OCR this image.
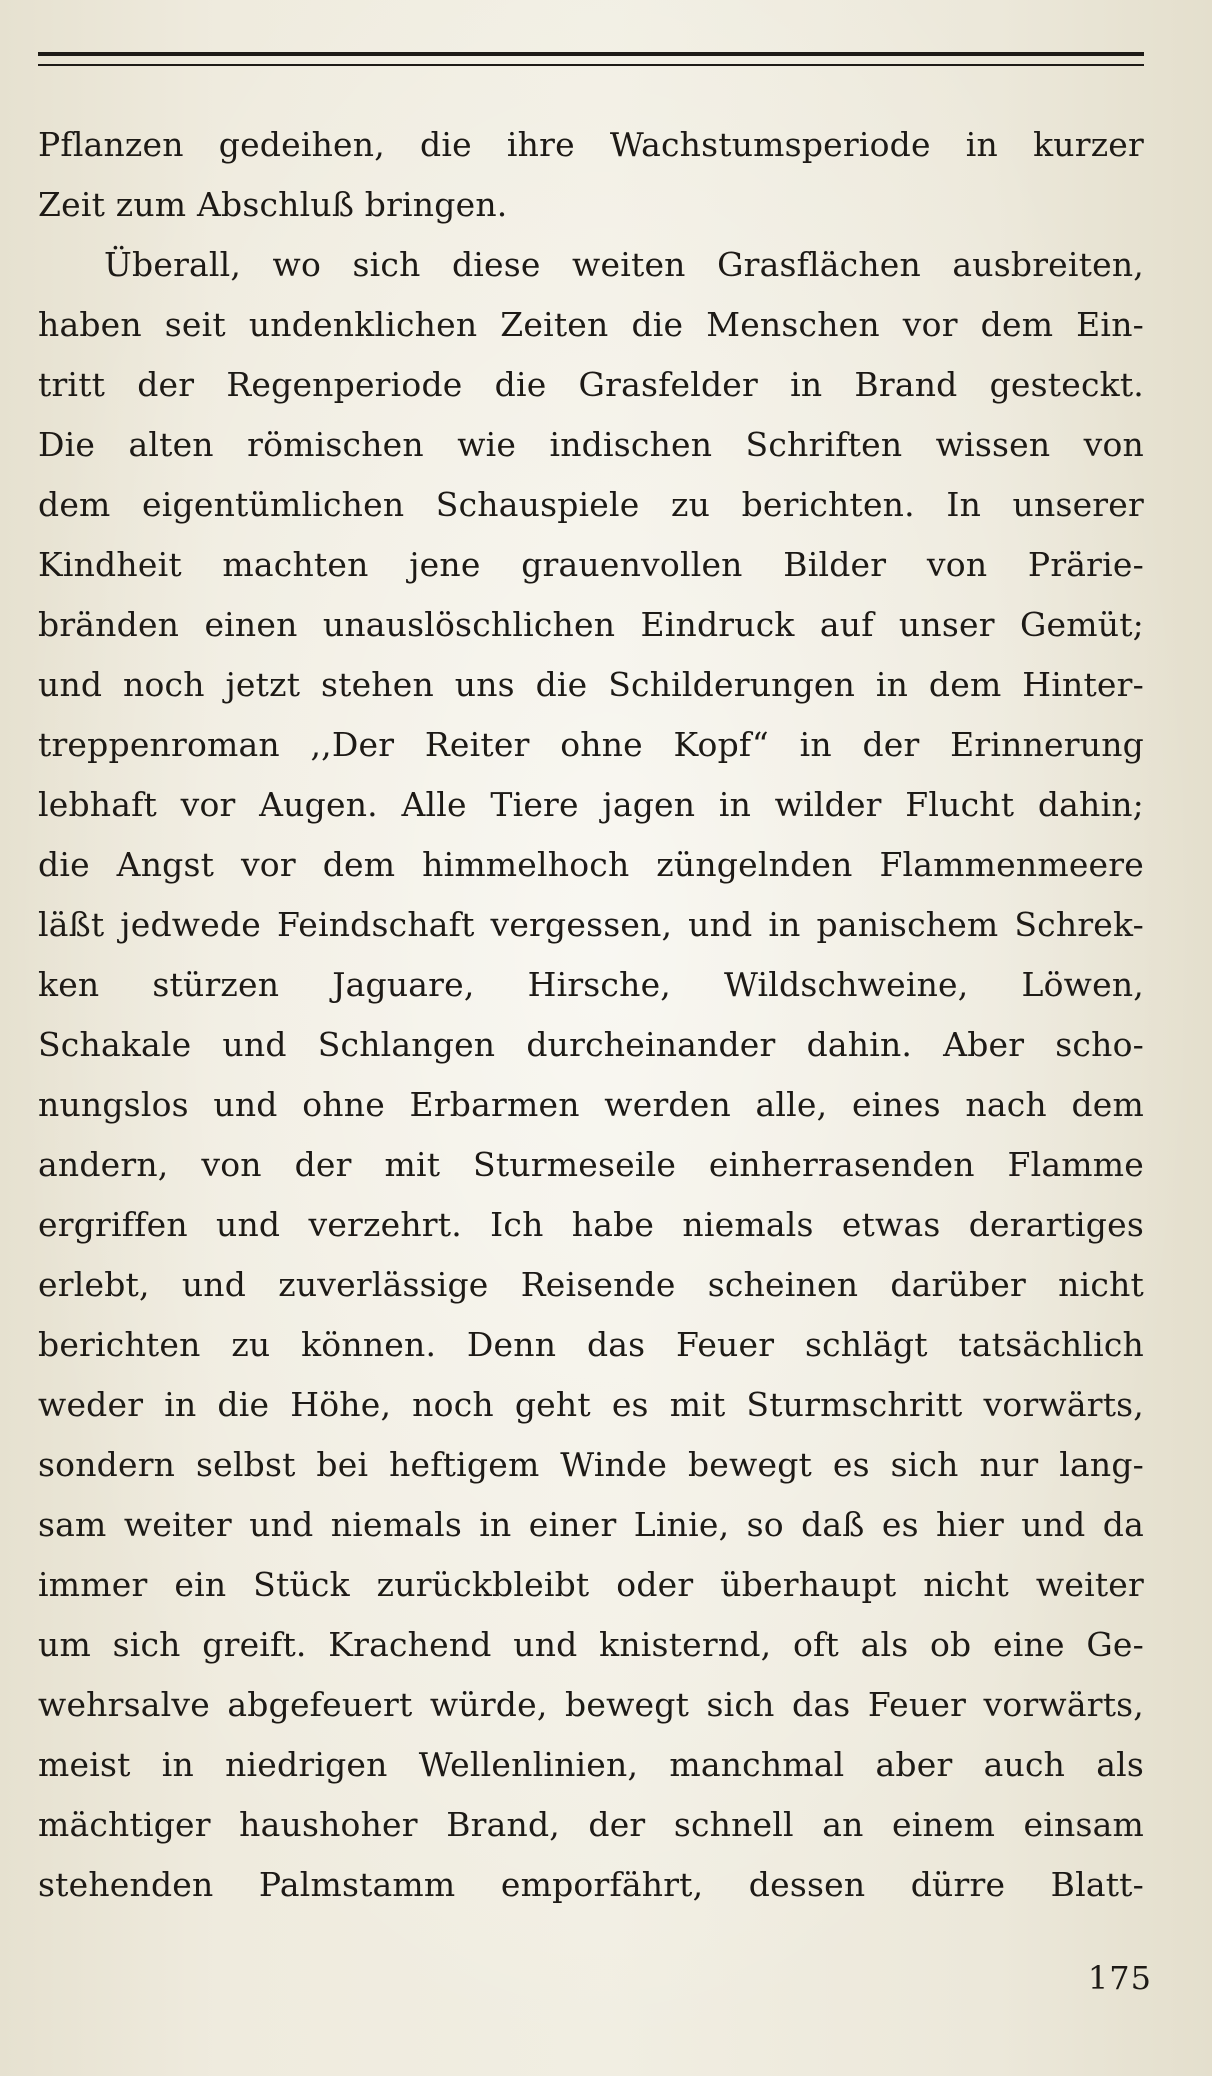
Pflanzen gedeihen, die ihre Wachstumsperiode in kurzer
Zeit zum Abschluß bringen.
Überall, wo sich diese weiten Grasflächen ausbreiten,
haben seit undenklichen Zeiten die Menschen vor dem Ein-
tritt der Regenperiode die Grasfelder in Brand gesteckt.
Die alten römischen wie indischen Schriften wissen von
dem eigentümlichen Schauspiele zu berichten. In unserer
Kindheit machten jene grauenvollen Bilder von Prärie-
bränden einen unauslöschlichen Eindruck auf unser Gemüt;
und noch jetzt stehen uns die Schilderungen in dem Hinter-
treppenroman ,,Der Reiter ohne Kopf“ in der Erinnerung
lebhaft vor Augen. Alle Tiere jagen in wilder Flucht dahin;
die Angst vor dem himmelhoch züngelnden Flammenmeere
läßt jedwede Feindschaft vergessen, und in panischem Schrek-
ken stürzen Jaguare, Hirsche, Wildschweine, Löwen,
Schakale und Schlangen durcheinander dahin. Aber scho-
nungslos und ohne Erbarmen werden alle, eines nach dem
andern, von der mit Sturmeseile einherrasenden Flamme
ergriffen und verzehrt. Ich habe niemals etwas derartiges
erlebt, und zuverlässige Reisende scheinen darüber nicht
berichten zu können. Denn das Feuer schlägt tatsächlich
weder in die Höhe, noch geht es mit Sturmschritt vorwärts,
sondern selbst bei heftigem Winde bewegt es sich nur lang-
sam weiter und niemals in einer Linie, so daß es hier und da
immer ein Stück zurückbleibt oder überhaupt nicht weiter
um sich greift. Krachend und knisternd, oft als ob eine Ge-
wehrsalve abgefeuert würde, bewegt sich das Feuer vorwärts,
meist in niedrigen Wellenlinien, manchmal aber auch als
mächtiger haushoher Brand, der schnell an einem einsam
stehenden Palmstamm emporfährt, dessen dürre Blatt-
175
